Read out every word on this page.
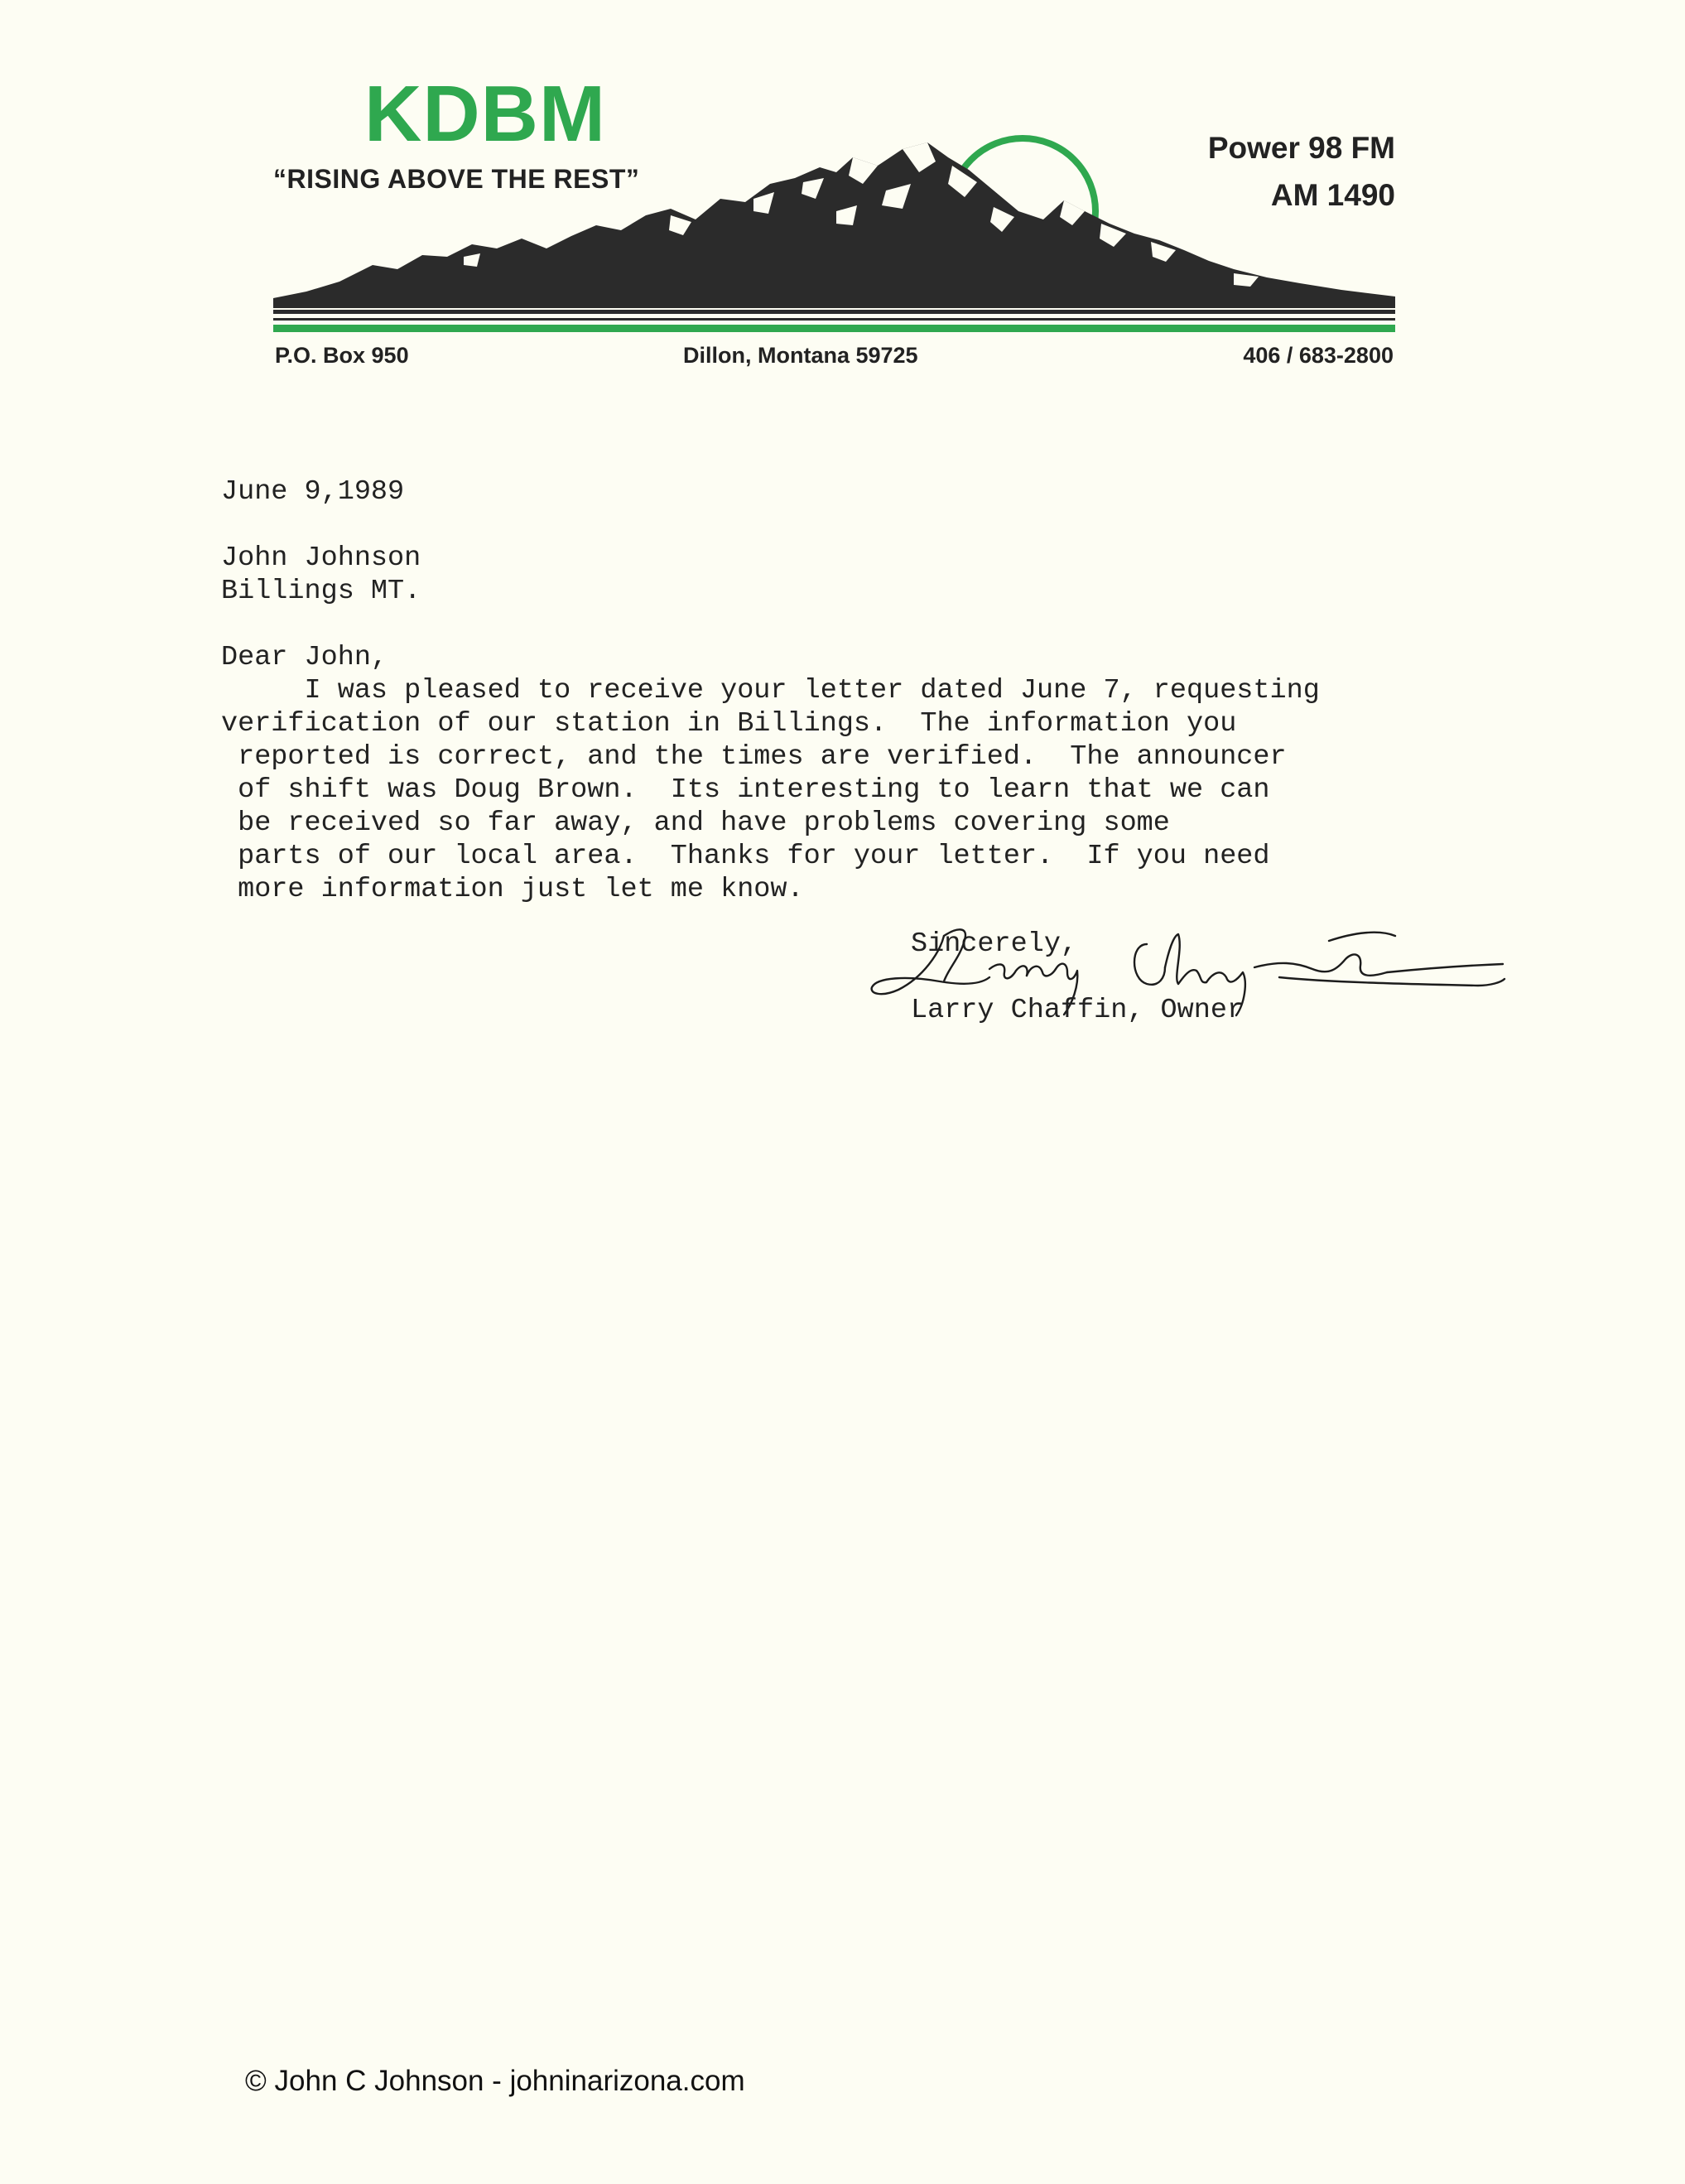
KDBM
“RISING ABOVE THE REST”
Power 98 FM
AM 1490
P.O. Box 950	Dillon, Montana 59725	406 / 683-2800
June 9,1989
John Johnson
Billings MT.
Dear John,
I was pleased to receive your letter dated June 7, requesting
verification of our station in Billings.  The information you
reported is correct, and the times are verified.  The announcer
of shift was Doug Brown.  Its interesting to learn that we can
be received so far away, and have problems covering some
parts of our local area.  Thanks for your letter.  If you need
more information just let me know.
Sincerely,
Larry Chaffin, Owner
© John C Johnson - johninarizona.com
